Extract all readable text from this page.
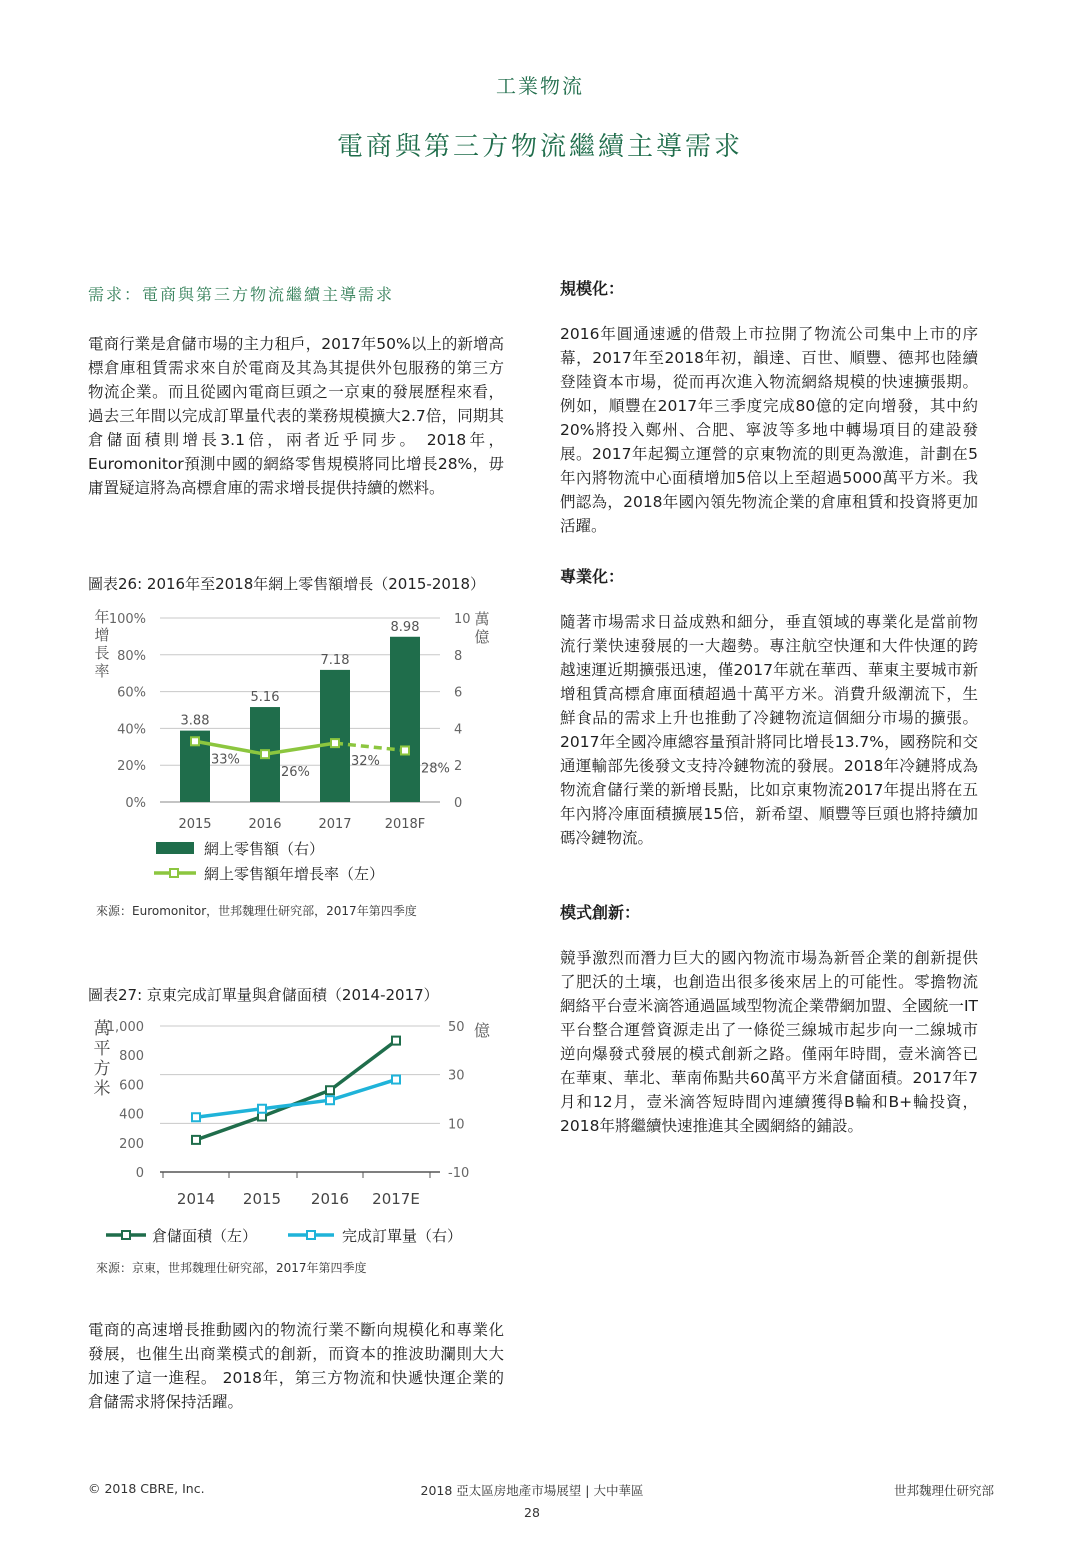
工業物流
電商與第三方物流繼續主導需求
需求：電商與第三方物流繼續主導需求
電商行業是倉儲市場的主力租戶，2017年50%以上的新增高標倉庫租賃需求來自於電商及其為其提供外包服務的第三方物流企業。而且從國內電商巨頭之一京東的發展歷程來看，過去三年間以完成訂單量代表的業務規模擴大2.7倍，同期其倉儲面積則增長3.1倍，兩者近乎同步。 2018年，Euromonitor預測中國的網絡零售規模將同比增長28%，毋庸置疑這將為高標倉庫的需求增長提供持續的燃料。
圖表26: 2016年至2018年網上零售額增長（2015-2018）
0%
20%
40%
60%
80%
100%
0
2
4
6
8
10
年
增
長
率
萬
億
3.88
5.16
7.18
8.98
33%
26%
32%	28%
2015	2016	2017	2018F
網上零售額（右）
網上零售額年增長率（左）
來源：Euromonitor，世邦魏理仕研究部，2017年第四季度
圖表27: 京東完成訂單量與倉儲面積（2014-2017）
0
200
400
600
800
1,000
-10
10
30
50
萬
平
方
米
億
2014 2015 2016 2017E
倉儲面積（左）	完成訂單量（右）
來源：京東，世邦魏理仕研究部，2017年第四季度
電商的高速增長推動國內的物流行業不斷向規模化和專業化發展，也催生出商業模式的創新，而資本的推波助瀾則大大加速了這一進程。 2018年，第三方物流和快遞快運企業的倉儲需求將保持活躍。
規模化：
2016年圓通速遞的借殼上市拉開了物流公司集中上市的序幕，2017年至2018年初，韻達、百世、順豐、德邦也陸續登陸資本市場，從而再次進入物流網絡規模的快速擴張期。例如，順豐在2017年三季度完成80億的定向增發，其中約20%將投入鄭州、合肥、寧波等多地中轉場項目的建設發展。2017年起獨立運營的京東物流的則更為激進，計劃在5年內將物流中心面積增加5倍以上至超過5000萬平方米。我們認為，2018年國內領先物流企業的倉庫租賃和投資將更加活躍。
專業化：
隨著市場需求日益成熟和細分，垂直領域的專業化是當前物流行業快速發展的一大趨勢。專注航空快運和大件快運的跨越速運近期擴張迅速，僅2017年就在華西、華東主要城市新增租賃高標倉庫面積超過十萬平方米。消費升級潮流下，生鮮食品的需求上升也推動了冷鏈物流這個細分市場的擴張。2017年全國冷庫總容量預計將同比增長13.7%，國務院和交通運輸部先後發文支持冷鏈物流的發展。2018年冷鏈將成為物流倉儲行業的新增長點，比如京東物流2017年提出將在五年內將冷庫面積擴展15倍，新希望、順豐等巨頭也將持續加碼冷鏈物流。
模式創新：
競爭激烈而潛力巨大的國內物流市場為新晉企業的創新提供了肥沃的土壤，也創造出很多後來居上的可能性。零擔物流網絡平台壹米滴答通過區域型物流企業帶網加盟、全國統一IT平台整合運營資源走出了一條從三線城市起步向一二線城市逆向爆發式發展的模式創新之路。僅兩年時間，壹米滴答已在華東、華北、華南佈點共60萬平方米倉儲面積。2017年7月和12月，壹米滴答短時間內連續獲得B輪和B+輪投資，2018年將繼續快速推進其全國網絡的鋪設。
© 2018 CBRE, Inc.	2018 亞太區房地產市場展望 | 大中華區	世邦魏理仕研究部
28
